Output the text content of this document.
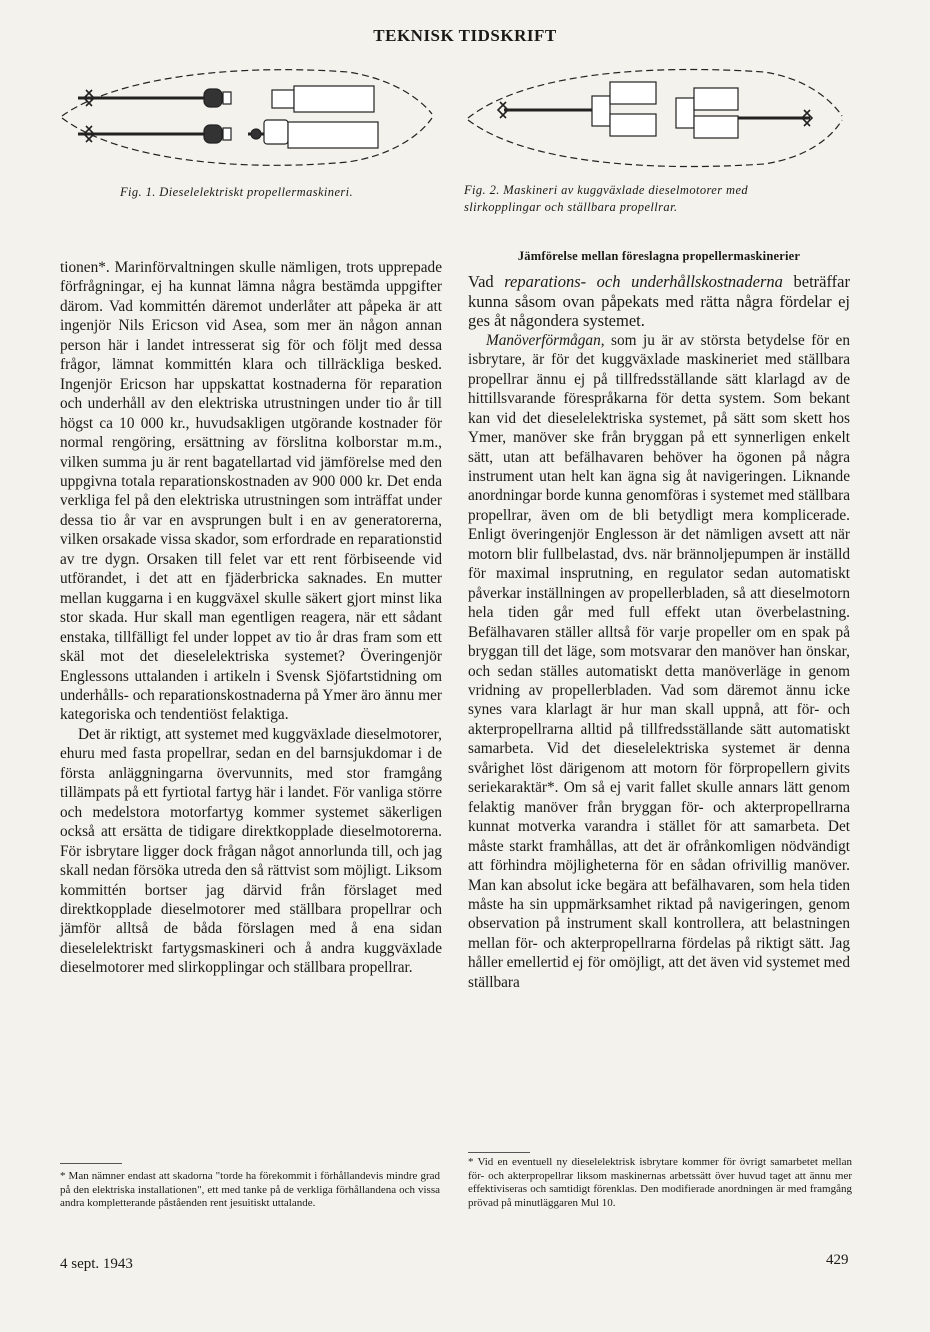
TEKNISK TIDSKRIFT
Fig. 1. Dieselelektriskt propellermaskineri.	Fig. 2. Maskineri av kuggväxlade dieselmotorer med slirkopplingar och ställbara propellrar.

tionen*. Marinförvaltningen skulle nämligen, trots upprepade förfrågningar, ej ha kunnat lämna några bestämda uppgifter därom. Vad kommittén däremot underlåter att påpeka är att ingenjör Nils Ericson vid Asea, som mer än någon annan person här i landet intresserat sig för och följt med dessa frågor, lämnat kommittén klara och tillräckliga besked. Ingenjör Ericson har uppskattat kostnaderna för reparation och underhåll av den elektriska utrustningen under tio år till högst ca 10 000 kr., huvudsakligen utgörande kostnader för normal rengöring, ersättning av förslitna kolborstar m.m., vilken summa ju är rent bagatellartad vid jämförelse med den uppgivna totala reparationskostnaden av 900 000 kr. Det enda verkliga fel på den elektriska utrustningen som inträffat under dessa tio år var en avsprungen bult i en av generatorerna, vilken orsakade vissa skador, som erfordrade en reparationstid av tre dygn. Orsaken till felet var ett rent förbiseende vid utförandet, i det att en fjäderbricka saknades. En mutter mellan kuggarna i en kuggväxel skulle säkert gjort minst lika stor skada. Hur skall man egentligen reagera, när ett sådant enstaka, tillfälligt fel under loppet av tio år dras fram som ett skäl mot det dieselelektriska systemet? Överingenjör Englessons uttalanden i artikeln i Svensk Sjöfartstidning om underhålls- och reparationskostnaderna på Ymer äro ännu mer kategoriska och tendentiöst felaktiga.

Det är riktigt, att systemet med kuggväxlade dieselmotorer, ehuru med fasta propellrar, sedan en del barnsjukdomar i de första anläggningarna övervunnits, med stor framgång tillämpats på ett fyrtiotal fartyg här i landet. För vanliga större och medelstora motorfartyg kommer systemet säkerligen också att ersätta de tidigare direktkopplade dieselmotorerna. För isbrytare ligger dock frågan något annorlunda till, och jag skall nedan försöka utreda den så rättvist som möjligt. Liksom kommittén bortser jag därvid från förslaget med direktkopplade dieselmotorer med ställbara propellrar och jämför alltså de båda förslagen med å ena sidan dieselelektriskt fartygsmaskineri och å andra kuggväxlade dieselmotorer med slirkopplingar och ställbara propellrar.

* Man nämner endast att skadorna "torde ha förekommit i förhållandevis mindre grad på den elektriska installationen", ett med tanke på de verkliga förhållandena och vissa andra kompletterande påståenden rent jesuitiskt uttalande.

Jämförelse mellan föreslagna propellermaskinerier

Vad reparations- och underhållskostnaderna beträffar kunna såsom ovan påpekats med rätta några fördelar ej ges åt någondera systemet.

Manöverförmågan, som ju är av största betydelse för en isbrytare, är för det kuggväxlade maskineriet med ställbara propellrar ännu ej på tillfredsställande sätt klarlagd av de hittillsvarande förespråkarna för detta system. Som bekant kan vid det dieselelektriska systemet, på sätt som skett hos Ymer, manöver ske från bryggan på ett synnerligen enkelt sätt, utan att befälhavaren behöver ha ögonen på några instrument utan helt kan ägna sig åt navigeringen. Liknande anordningar borde kunna genomföras i systemet med ställbara propellrar, även om de bli betydligt mera komplicerade. Enligt överingenjör Englesson är det nämligen avsett att när motorn blir fullbelastad, dvs. när brännoljepumpen är inställd för maximal insprutning, en regulator sedan automatiskt påverkar inställningen av propellerbladen, så att dieselmotorn hela tiden går med full effekt utan överbelastning. Befälhavaren ställer alltså för varje propeller om en spak på bryggan till det läge, som motsvarar den manöver han önskar, och sedan ställes automatiskt detta manöverläge in genom vridning av propellerbladen. Vad som däremot ännu icke synes vara klarlagt är hur man skall uppnå, att för- och akterpropellrarna alltid på tillfredsställande sätt automatiskt samarbeta. Vid det dieselelektriska systemet är denna svårighet löst därigenom att motorn för förpropellern givits seriekaraktär*. Om så ej varit fallet skulle annars lätt genom felaktig manöver från bryggan för- och akterpropellrarna kunnat motverka varandra i stället för att samarbeta. Det måste starkt framhållas, att det är ofrånkomligen nödvändigt att förhindra möjligheterna för en sådan ofrivillig manöver. Man kan absolut icke begära att befälhavaren, som hela tiden måste ha sin uppmärksamhet riktad på navigeringen, genom observation på instrument skall kontrollera, att belastningen mellan för- och akterpropellrarna fördelas på riktigt sätt. Jag håller emellertid ej för omöjligt, att det även vid systemet med ställbara

* Vid en eventuell ny dieselelektrisk isbrytare kommer för övrigt samarbetet mellan för- och akterpropellrar liksom maskinernas arbetssätt över huvud taget att ännu mer effektiviseras och samtidigt förenklas. Den modifierade anordningen är med framgång prövad på minutläggaren Mul 10.

4 sept. 1943	429
